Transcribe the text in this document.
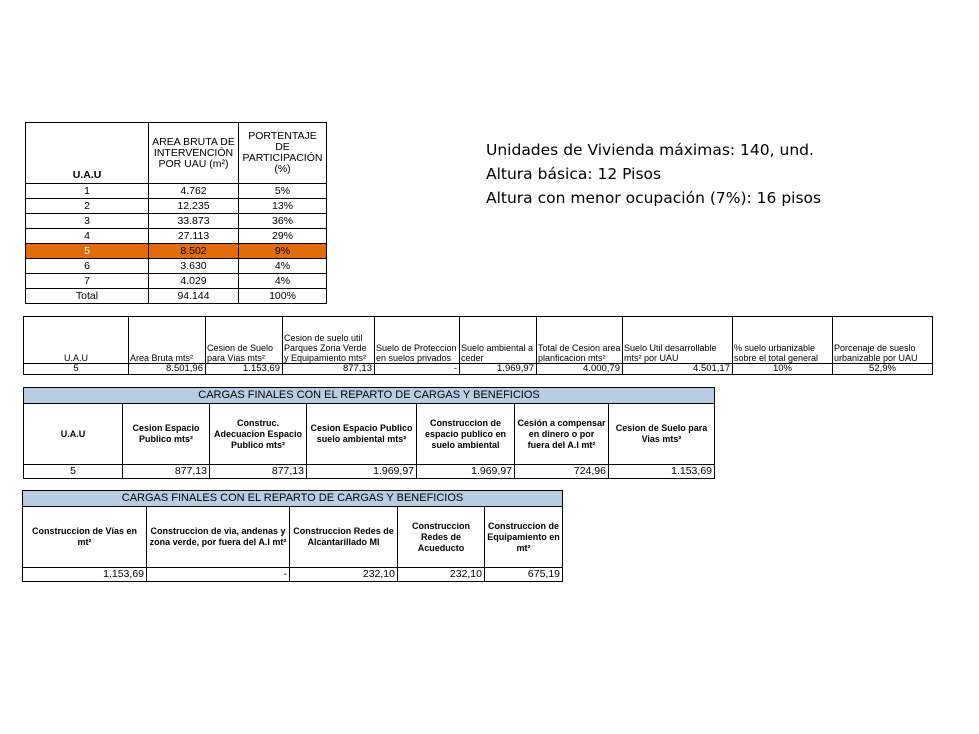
U.A.U	AREA BRUTA DE INTERVENCIÓN POR UAU (m²)	PORTENTAJE DE PARTICIPACIÓN (%)
1	4.762	5%
2	12.235	13%
3	33.873	36%
4	27.113	29%
5	8.502	9%
6	3.630	4%
7	4.029	4%
Total	94.144	100%
Unidades de Vivienda máximas: 140, und.
Altura básica: 12 Pisos
Altura con menor ocupación (7%): 16 pisos
U.A.U	Area Bruta mts²	Cesion de Suelo para Vias mts²	Cesion de suelo util Parques Zona Verde y Equipamiento mts²	Suelo de Proteccion en suelos privados	Suelo ambiental a ceder	Total de Cesion area planficacion mts²	Suelo Util desarrollable mts² por UAU	% suelo urbanizable sobre el total general	Porcenaje de sueslo urbanizable por UAU
5	8.501,96	1.153,69	877,13	-	1.969,97	4.000,79	4.501,17	10%	52,9%
CARGAS FINALES CON EL REPARTO DE CARGAS Y BENEFICIOS						
U.A.U	Cesion Espacio Publico mts²	Construc. Adecuacion Espacio Publico mts²	Cesion Espacio Publico suelo ambiental mts²	Construccion de espacio publico en suelo ambiental	Cesión a compensar en dinero o por fuera del A.I mt²	Cesion de Suelo para Vias mts²
5	877,13	877,13	1.969,97	1.969,97	724,96	1.153,69
CARGAS FINALES CON EL REPARTO DE CARGAS Y BENEFICIOS				
Construccion de Vías en mt²	Construccion de via, andenas y zona verde, por fuera del A.I mt²	Construccion Redes de Alcantarillado Ml	Construccion Redes de Acueducto	Construccion de Equipamiento en mt²
1.153,69	-	232,10	232,10	675,19
